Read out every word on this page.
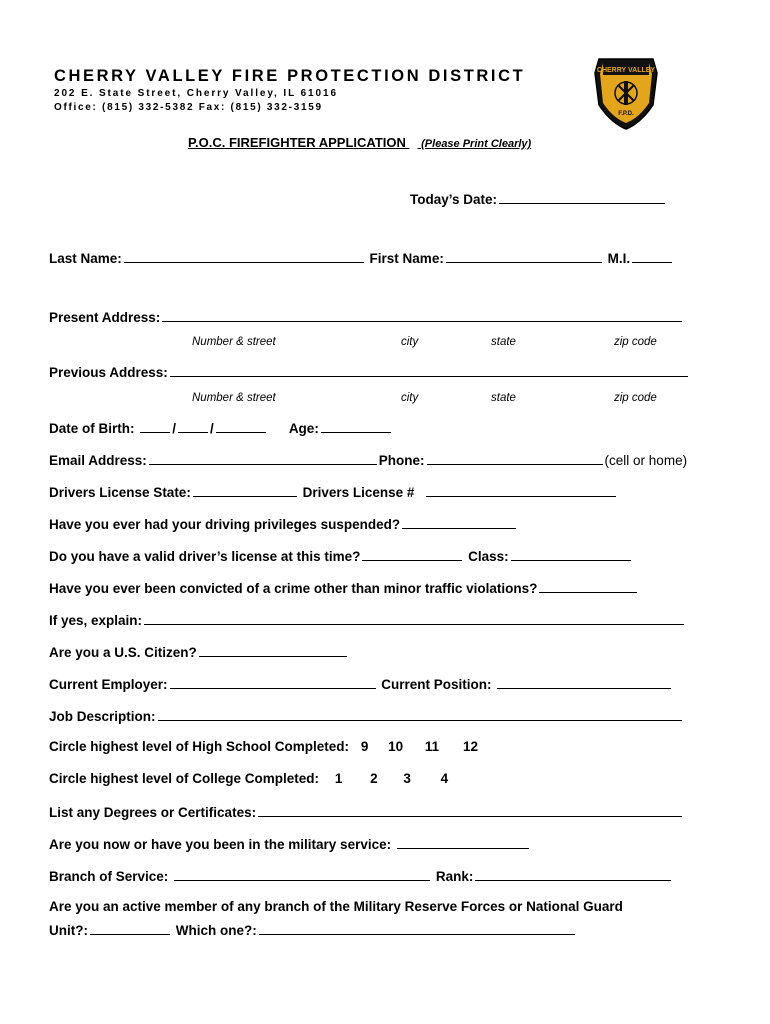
CHERRY VALLEY FIRE PROTECTION DISTRICT
202 E. State Street, Cherry Valley, IL 61016
Office: (815) 332-5382 Fax: (815) 332-3159
CHERRY VALLEY
F.P.D.
P.O.C. FIREFIGHTER APPLICATION (Please Print Clearly)
Today’s Date:
Last Name:	First Name:	M.I.
Present Address:
Number & street	city	state	zip code
Previous Address:
Number & street	city	state	zip code
Date of Birth:	/	/	Age:
Email Address:	Phone:	(cell or home)
Drivers License State:	Drivers License #
Have you ever had your driving privileges suspended?
Do you have a valid driver’s license at this time?	Class:
Have you ever been convicted of a crime other than minor traffic violations?
If yes, explain:
Are you a U.S. Citizen?
Current Employer:	Current Position:
Job Description:
Circle highest level of High School Completed: 9 10 11 12
Circle highest level of College Completed: 1 2 3 4
List any Degrees or Certificates:
Are you now or have you been in the military service:
Branch of Service:	Rank:
Are you an active member of any branch of the Military Reserve Forces or National Guard
Unit?:	Which one?:
